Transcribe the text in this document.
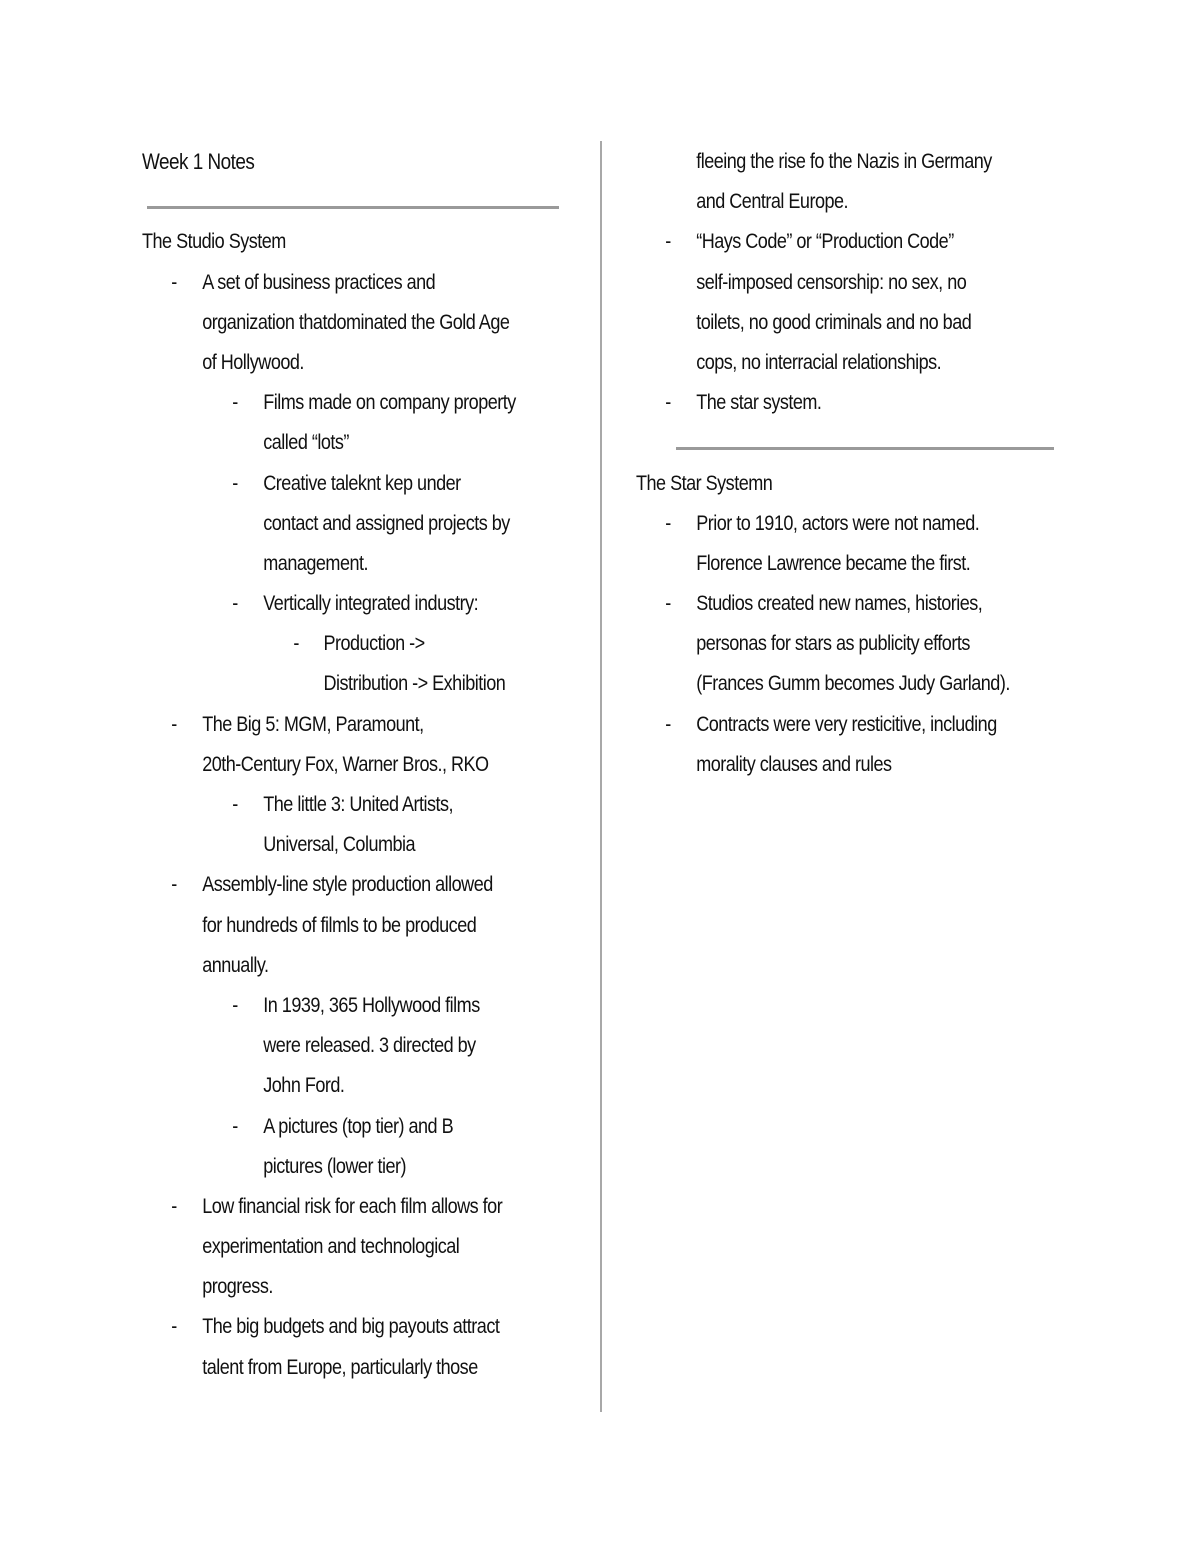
Week 1 Notes
The Studio System
- A set of business practices and
organization thatdominated the Gold Age
of Hollywood.
- Films made on company property
called “lots”
- Creative taleknt kep under
contact and assigned projects by
management.
- Vertically integrated industry:
- Production ->
Distribution -> Exhibition
- The Big 5: MGM, Paramount,
20th-Century Fox, Warner Bros., RKO
- The little 3: United Artists,
Universal, Columbia
- Assembly-line style production allowed
for hundreds of filmls to be produced
annually.
- In 1939, 365 Hollywood films
were released. 3 directed by
John Ford.
- A pictures (top tier) and B
pictures (lower tier)
- Low financial risk for each film allows for
experimentation and technological
progress.
- The big budgets and big payouts attract
talent from Europe, particularly those
fleeing the rise fo the Nazis in Germany
and Central Europe.
- “Hays Code” or “Production Code”
self-imposed censorship: no sex, no
toilets, no good criminals and no bad
cops, no interracial relationships.
- The star system.
The Star Systemn
- Prior to 1910, actors were not named.
Florence Lawrence became the first.
- Studios created new names, histories,
personas for stars as publicity efforts
(Frances Gumm becomes Judy Garland).
- Contracts were very resticitive, including
morality clauses and rules
